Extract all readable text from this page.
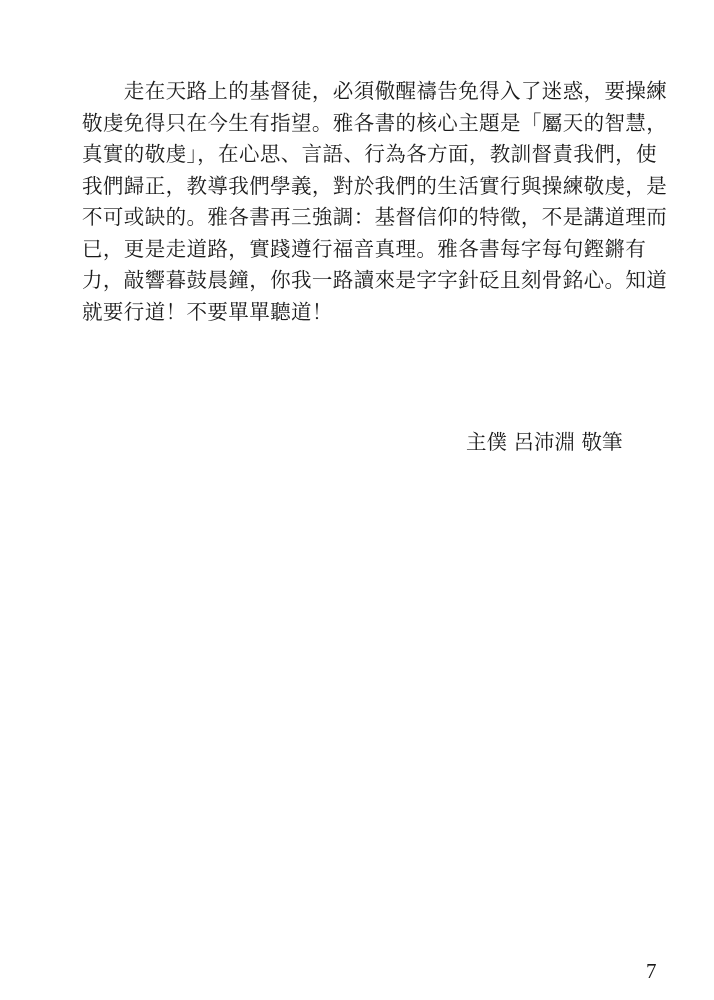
　　走在天路上的基督徒，必須儆醒禱告免得入了迷惑，要操練
敬虔免得只在今生有指望。雅各書的核心主題是「屬天的智慧，
真實的敬虔」，在心思、言語、行為各方面，教訓督責我們，使
我們歸正，教導我們學義，對於我們的生活實行與操練敬虔，是
不可或缺的。雅各書再三強調：基督信仰的特徵，不是講道理而
已，更是走道路，實踐遵行福音真理。雅各書每字每句鏗鏘有
力，敲響暮鼓晨鐘，你我一路讀來是字字針砭且刻骨銘心。知道
就要行道！不要單單聽道！
主僕 呂沛淵 敬筆
7
